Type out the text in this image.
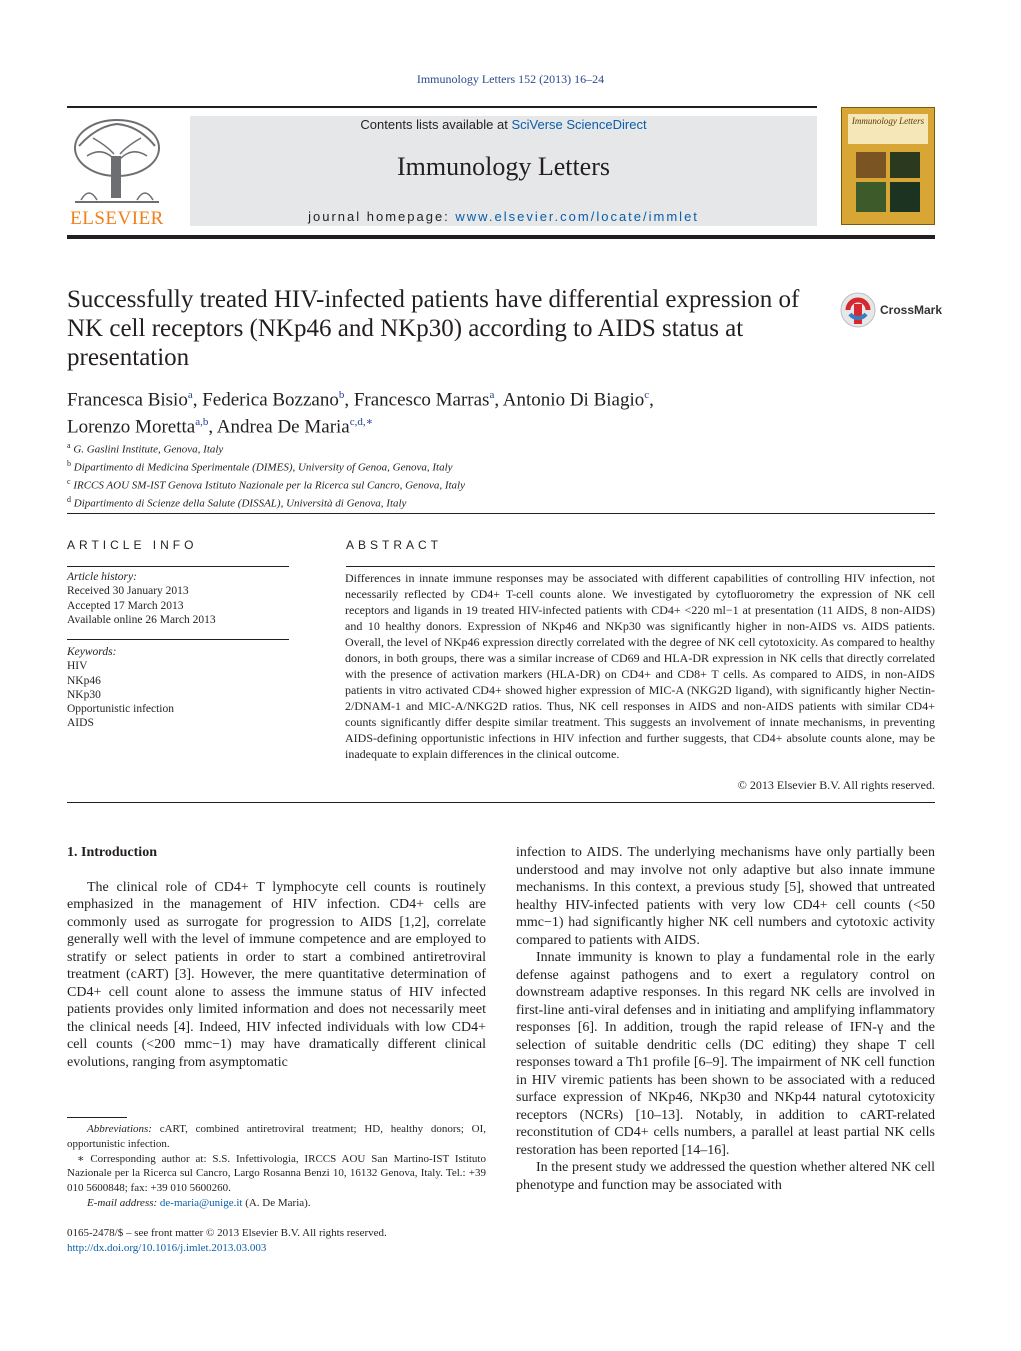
Immunology Letters 152 (2013) 16–24
ELSEVIER
Contents lists available at SciVerse ScienceDirect
Immunology Letters
journal homepage: www.elsevier.com/locate/immlet
Immunology Letters
Successfully treated HIV-infected patients have differential expression of NK cell receptors (NKp46 and NKp30) according to AIDS status at presentation
CrossMark
Francesca Bisio$^a$, Federica Bozzano$^b$, Francesco Marras$^a$, Antonio Di Biagio$^c$,
Lorenzo Moretta$^{a,b}$, Andrea De Maria$^{c,d,∗}$
$^a$ G. Gaslini Institute, Genova, Italy
$^b$ Dipartimento di Medicina Sperimentale (DIMES), University of Genoa, Genova, Italy
$^c$ IRCCS AOU SM-IST Genova Istituto Nazionale per la Ricerca sul Cancro, Genova, Italy
$^d$ Dipartimento di Scienze della Salute (DISSAL), Università di Genova, Italy
ARTICLE INFO	ABSTRACT
Article history:
Received 30 January 2013
Accepted 17 March 2013
Available online 26 March 2013
Keywords:
HIV
NKp46
NKp30
Opportunistic infection
AIDS
Differences in innate immune responses may be associated with different capabilities of controlling HIV infection, not necessarily reflected by CD4+ T-cell counts alone. We investigated by cytofluorometry the expression of NK cell receptors and ligands in 19 treated HIV-infected patients with CD4+ <220 ml−1 at presentation (11 AIDS, 8 non-AIDS) and 10 healthy donors. Expression of NKp46 and NKp30 was significantly higher in non-AIDS vs. AIDS patients. Overall, the level of NKp46 expression directly correlated with the degree of NK cell cytotoxicity. As compared to healthy donors, in both groups, there was a similar increase of CD69 and HLA-DR expression in NK cells that directly correlated with the presence of activation markers (HLA-DR) on CD4+ and CD8+ T cells. As compared to AIDS, in non-AIDS patients in vitro activated CD4+ showed higher expression of MIC-A (NKG2D ligand), with significantly higher Nectin-2/DNAM-1 and MIC-A/NKG2D ratios. Thus, NK cell responses in AIDS and non-AIDS patients with similar CD4+ counts significantly differ despite similar treatment. This suggests an involvement of innate mechanisms, in preventing AIDS-defining opportunistic infections in HIV infection and further suggests, that CD4+ absolute counts alone, may be inadequate to explain differences in the clinical outcome.
© 2013 Elsevier B.V. All rights reserved.
1. Introduction

The clinical role of CD4+ T lymphocyte cell counts is routinely emphasized in the management of HIV infection. CD4+ cells are commonly used as surrogate for progression to AIDS [1,2], correlate generally well with the level of immune competence and are employed to stratify or select patients in order to start a combined antiretroviral treatment (cART) [3]. However, the mere quantitative determination of CD4+ cell count alone to assess the immune status of HIV infected patients provides only limited information and does not necessarily meet the clinical needs [4]. Indeed, HIV infected individuals with low CD4+ cell counts (<200 mmc−1) may have dramatically different clinical evolutions, ranging from asymptomatic

infection to AIDS. The underlying mechanisms have only partially been understood and may involve not only adaptive but also innate immune mechanisms. In this context, a previous study [5], showed that untreated healthy HIV-infected patients with very low CD4+ cell counts (<50 mmc−1) had significantly higher NK cell numbers and cytotoxic activity compared to patients with AIDS.

Innate immunity is known to play a fundamental role in the early defense against pathogens and to exert a regulatory control on downstream adaptive responses. In this regard NK cells are involved in first-line anti-viral defenses and in initiating and amplifying inflammatory responses [6]. In addition, trough the rapid release of IFN-γ and the selection of suitable dendritic cells (DC editing) they shape T cell responses toward a Th1 profile [6–9]. The impairment of NK cell function in HIV viremic patients has been shown to be associated with a reduced surface expression of NKp46, NKp30 and NKp44 natural cytotoxicity receptors (NCRs) [10–13]. Notably, in addition to cART-related reconstitution of CD4+ cells numbers, a parallel at least partial NK cells restoration has been reported [14–16].

In the present study we addressed the question whether altered NK cell phenotype and function may be associated with

Abbreviations: cART, combined antiretroviral treatment; HD, healthy donors; OI, opportunistic infection.
∗ Corresponding author at: S.S. Infettivologia, IRCCS AOU San Martino-IST Istituto Nazionale per la Ricerca sul Cancro, Largo Rosanna Benzi 10, 16132 Genova, Italy. Tel.: +39 010 5600848; fax: +39 010 5600260.
E-mail address: de-maria@unige.it (A. De Maria).
0165-2478/$ – see front matter © 2013 Elsevier B.V. All rights reserved.
http://dx.doi.org/10.1016/j.imlet.2013.03.003
